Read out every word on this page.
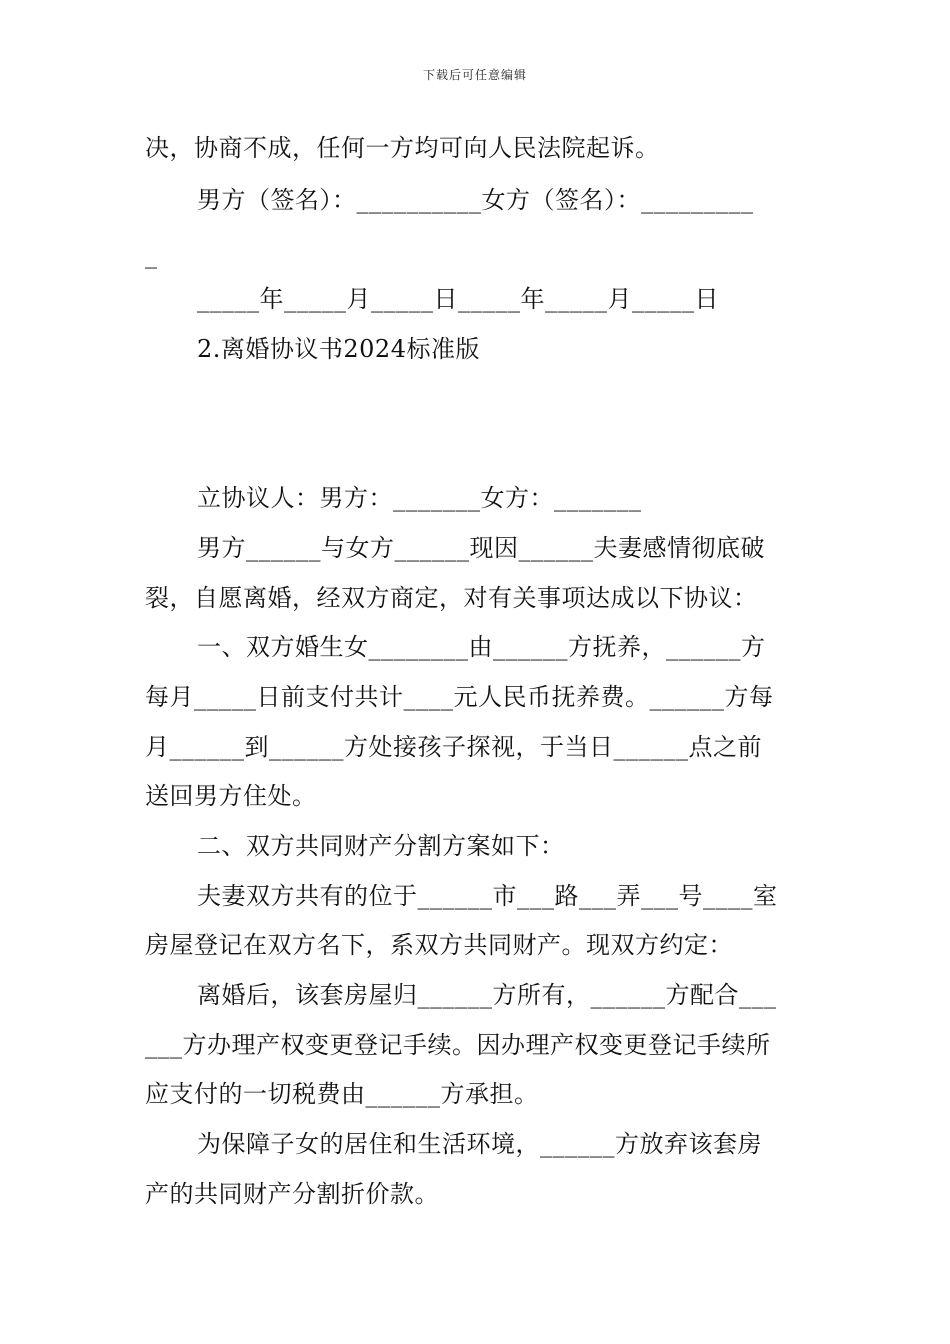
下载后可任意编辑
决，协商不成，任何一方均可向人民法院起诉。
男方（签名）：__________女方（签名）：_________
_
_____年_____月_____日_____年_____月_____日
2.离婚协议书2024标准版
立协议人：男方：_______女方：_______
男方______与女方______现因______夫妻感情彻底破
裂，自愿离婚，经双方商定，对有关事项达成以下协议：
一、双方婚生女________由______方抚养，______方
每月_____日前支付共计____元人民币抚养费。______方每
月______到______方处接孩子探视，于当日______点之前
送回男方住处。
二、双方共同财产分割方案如下：
夫妻双方共有的位于______市___路___弄___号____室
房屋登记在双方名下，系双方共同财产。现双方约定：
离婚后，该套房屋归______方所有，______方配合___
___方办理产权变更登记手续。因办理产权变更登记手续所
应支付的一切税费由______方承担。
为保障子女的居住和生活环境，______方放弃该套房
产的共同财产分割折价款。
